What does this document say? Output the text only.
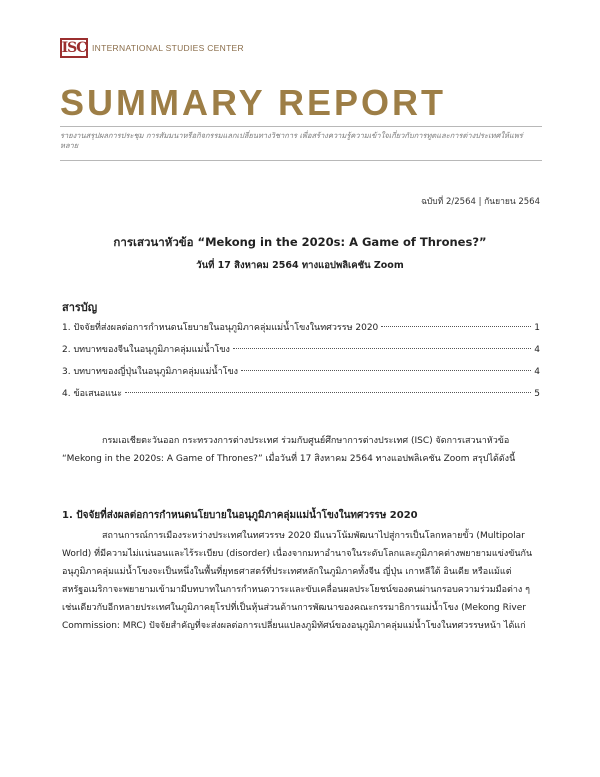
ISC INTERNATIONAL STUDIES CENTER
SUMMARY REPORT
รายงานสรุปผลการประชุม การสัมมนาหรือกิจกรรมแลกเปลี่ยนทางวิชาการ เพื่อสร้างความรู้ความเข้าใจเกี่ยวกับการทูตและการต่างประเทศให้แพร่หลาย
ฉบับที่ 2/2564 | กันยายน 2564
การเสวนาหัวข้อ “Mekong in the 2020s: A Game of Thrones?”
วันที่ 17 สิงหาคม 2564 ทางแอปพลิเคชัน Zoom
สารบัญ
1. ปัจจัยที่ส่งผลต่อการกำหนดนโยบายในอนุภูมิภาคลุ่มแม่น้ำโขงในทศวรรษ 2020	1
2. บทบาทของจีนในอนุภูมิภาคลุ่มแม่น้ำโขง	4
3. บทบาทของญี่ปุ่นในอนุภูมิภาคลุ่มแม่น้ำโขง	4
4. ข้อเสนอแนะ	5
กรมเอเชียตะวันออก กระทรวงการต่างประเทศ ร่วมกับศูนย์ศึกษาการต่างประเทศ (ISC) จัดการเสวนาหัวข้อ “Mekong in the 2020s: A Game of Thrones?” เมื่อวันที่ 17 สิงหาคม 2564 ทางแอปพลิเคชัน Zoom สรุปได้ดังนี้
1. ปัจจัยที่ส่งผลต่อการกำหนดนโยบายในอนุภูมิภาคลุ่มแม่น้ำโขงในทศวรรษ 2020
สถานการณ์การเมืองระหว่างประเทศในทศวรรษ 2020 มีแนวโน้มพัฒนาไปสู่การเป็นโลกหลายขั้ว (Multipolar World) ที่มีความไม่แน่นอนและไร้ระเบียบ (disorder) เนื่องจากมหาอำนาจในระดับโลกและภูมิภาคต่างพยายามแข่งขันกัน อนุภูมิภาคลุ่มแม่น้ำโขงจะเป็นหนึ่งในพื้นที่ยุทธศาสตร์ที่ประเทศหลักในภูมิภาคทั้งจีน ญี่ปุ่น เกาหลีใต้ อินเดีย หรือแม้แต่สหรัฐอเมริกาจะพยายามเข้ามามีบทบาทในการกำหนดวาระและขับเคลื่อนผลประโยชน์ของตนผ่านกรอบความร่วมมือต่าง ๆ เช่นเดียวกับอีกหลายประเทศในภูมิภาคยุโรปที่เป็นหุ้นส่วนด้านการพัฒนาของคณะกรรมาธิการแม่น้ำโขง (Mekong River Commission: MRC) ปัจจัยสำคัญที่จะส่งผลต่อการเปลี่ยนแปลงภูมิทัศน์ของอนุภูมิภาคลุ่มแม่น้ำโขงในทศวรรษหน้า ได้แก่
